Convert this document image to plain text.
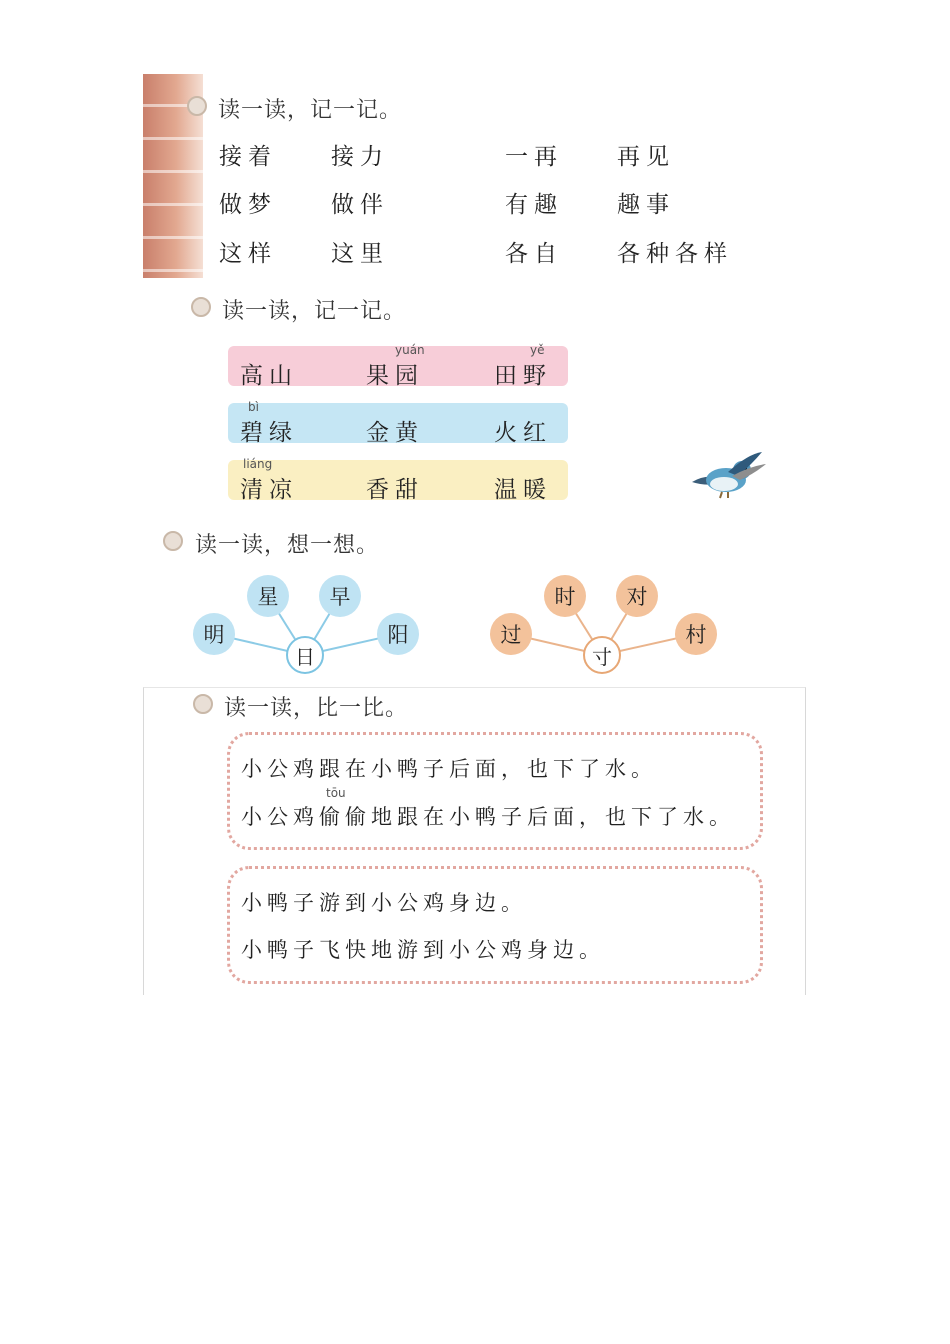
读一读，记一记。
接着 接力	一再 再见
做梦 做伴	有趣 趣事
这样 这里	各自 各种各样
读一读，记一记。
yuán	yě
bì
liáng
高山	果园	田野
碧绿	金黄	火红
清凉	香甜	温暖
读一读，想一想。
明
星	早
阳
日
过
时	对
村
寸
读一读，比一比。
小公鸡跟在小鸭子后面，也下了水。
tōu
小公鸡偷偷地跟在小鸭子后面，也下了水。
小鸭子游到小公鸡身边。
小鸭子飞快地游到小公鸡身边。
